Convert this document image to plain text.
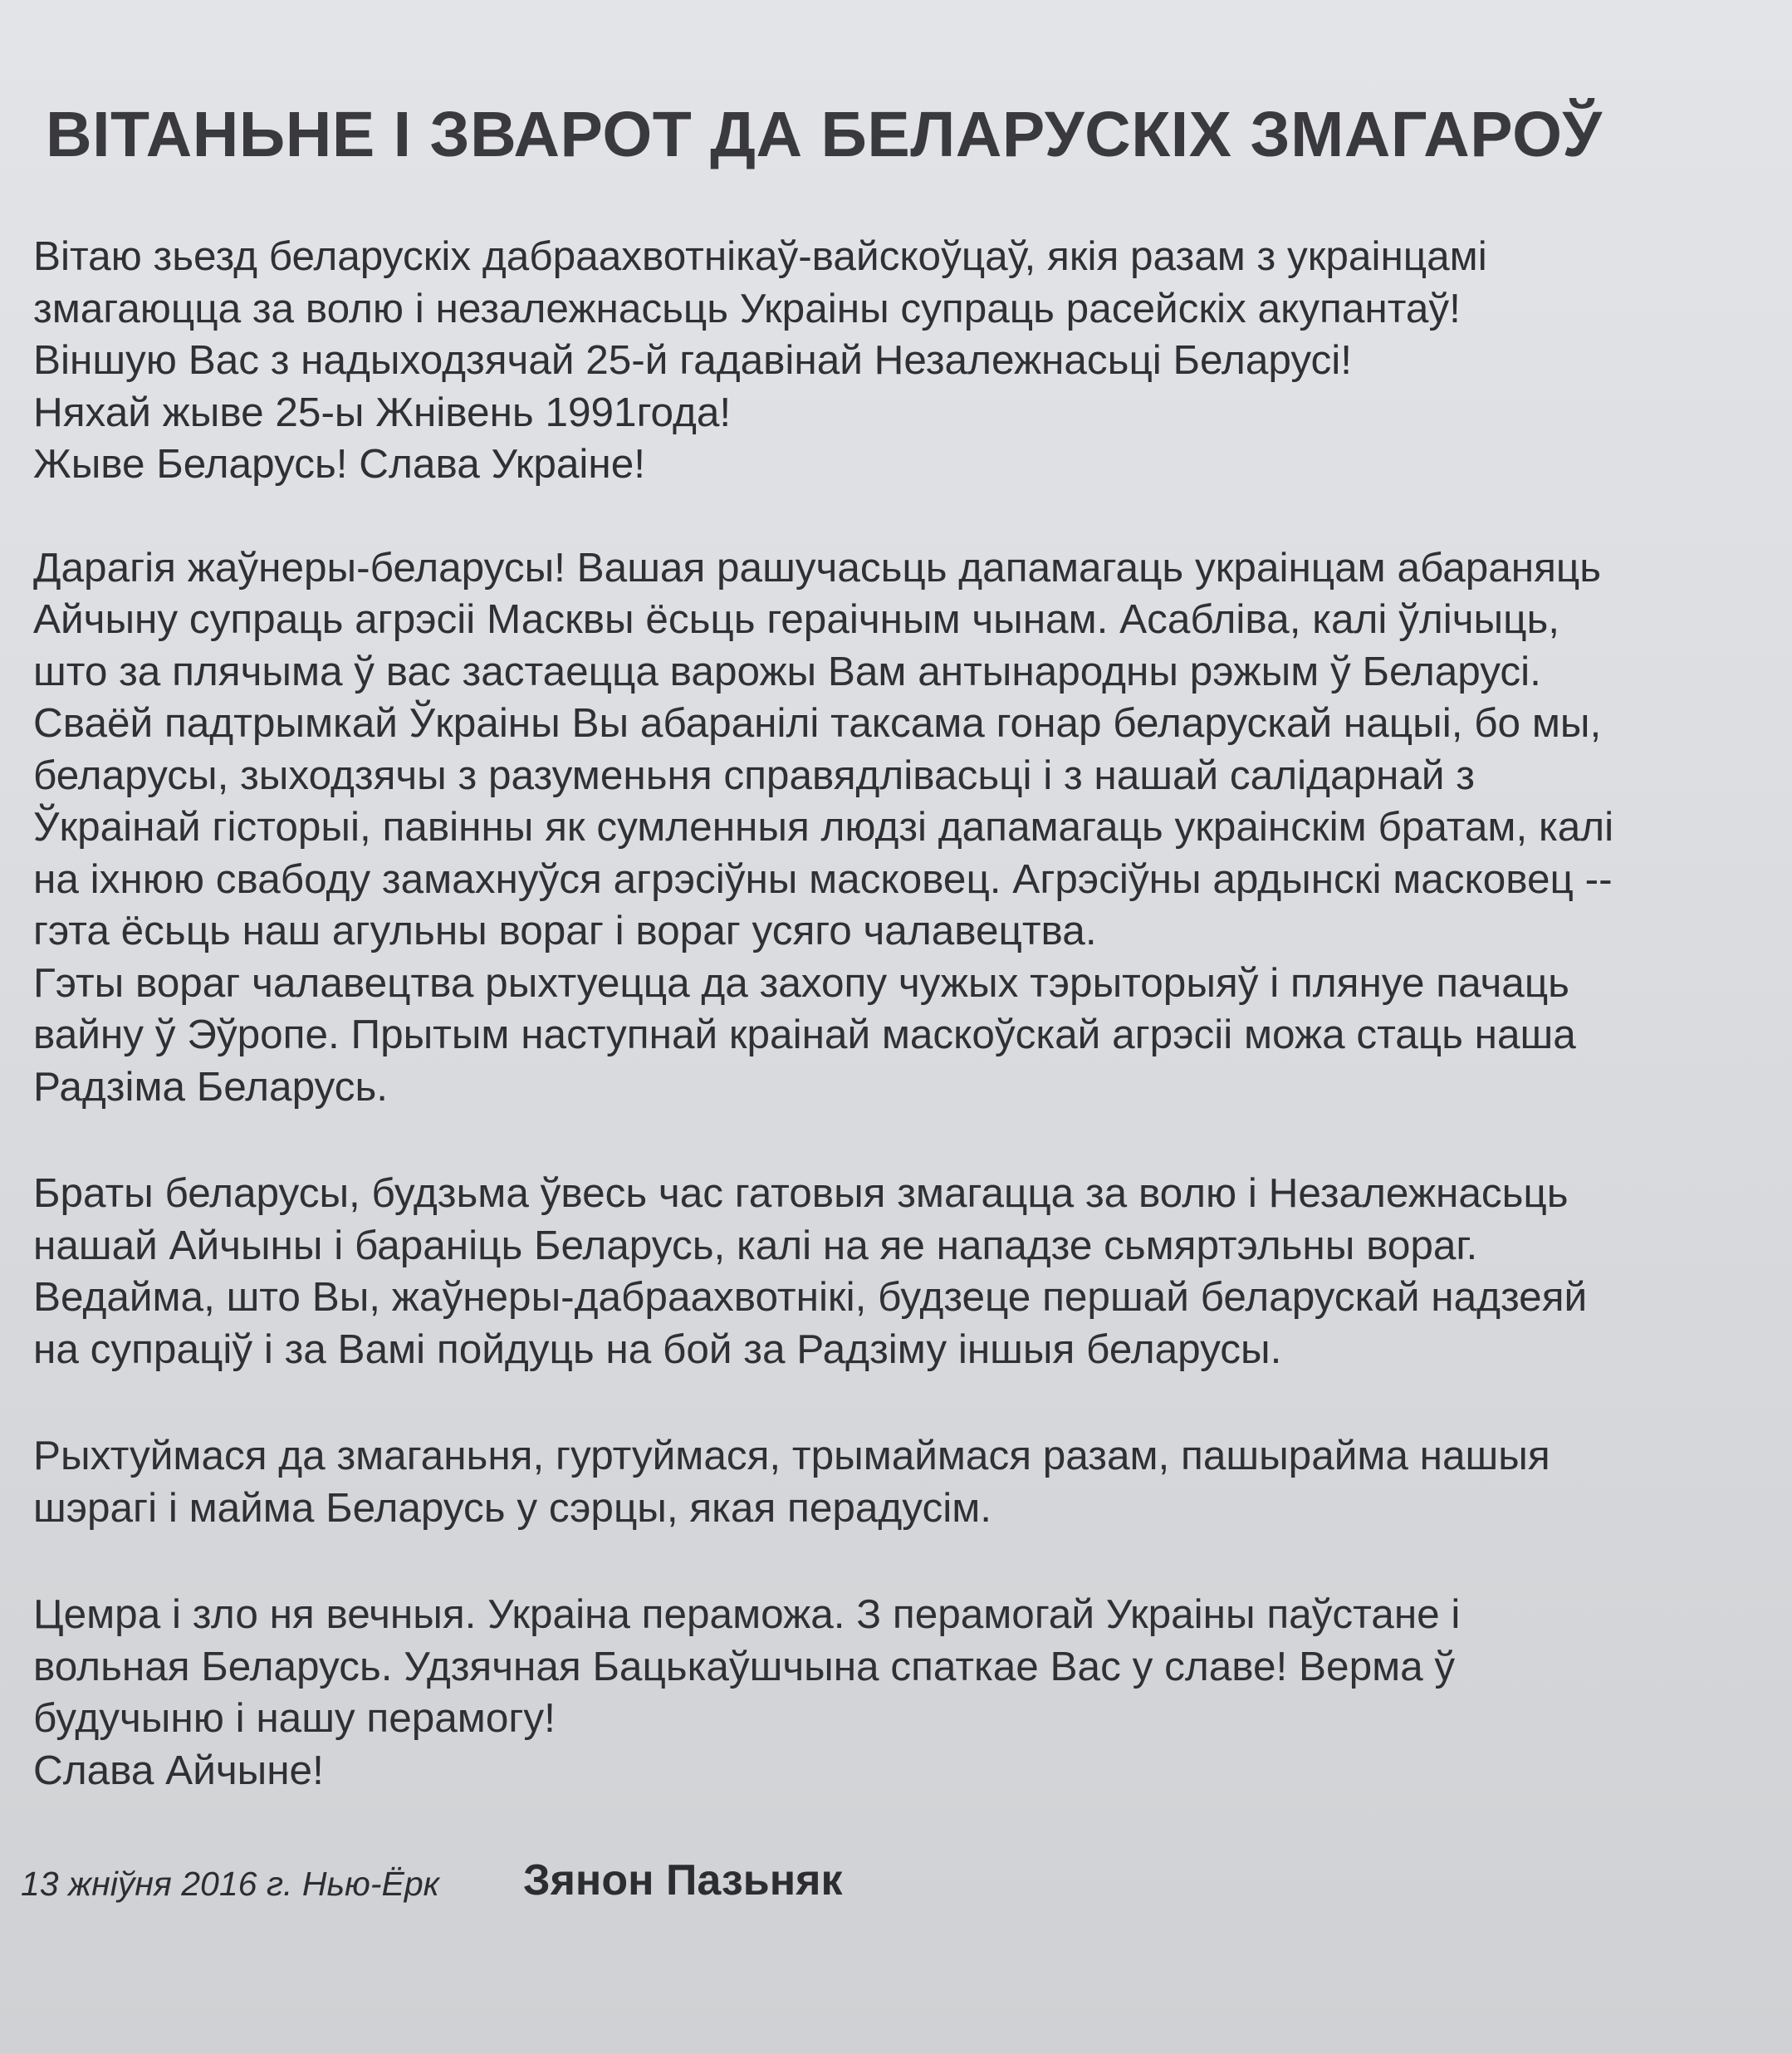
ВІТАНЬНЕ І ЗВАРОТ ДА БЕЛАРУСКІХ ЗМАГАРОЎ

Вітаю зьезд беларускіх дабраахвотнікаў-вайскоўцаў, якія разам з украінцамі
змагаюцца за волю і незалежнасьць Украіны супраць расейскіх акупантаў!
Віншую Вас з надыходзячай 25-й гадавінай Незалежнасьці Беларусі!
Няхай жыве 25-ы Жнівень 1991года!
Жыве Беларусь! Слава Украіне!

Дарагія жаўнеры-беларусы! Вашая рашучасьць дапамагаць украінцам абараняць
Айчыну супраць агрэсіі Масквы ёсьць гераічным чынам. Асабліва, калі ўлічыць,
што за плячыма ў вас застаецца варожы Вам антынародны рэжым ў Беларусі.
Сваёй падтрымкай Ўкраіны Вы абаранілі таксама гонар беларускай нацыі, бо мы,
беларусы, зыходзячы з разуменьня справядлівасьці і з нашай салідарнай з
Ўкраінай гісторыі, павінны як сумленныя людзі дапамагаць украінскім братам, калі
на іхнюю свабоду замахнуўся агрэсіўны масковец. Агрэсіўны ардынскі масковец --
гэта ёсьць наш агульны вораг і вораг усяго чалавецтва.
Гэты вораг чалавецтва рыхтуецца да захопу чужых тэрыторыяў і плянуе пачаць
вайну ў Эўропе. Прытым наступнай краінай маскоўскай агрэсіі можа стаць наша
Радзіма Беларусь.

Браты беларусы, будзьма ўвесь час гатовыя змагацца за волю і Незалежнасьць
нашай Айчыны і бараніць Беларусь, калі на яе нападзе сьмяртэльны вораг.
Ведайма, што Вы, жаўнеры-дабраахвотнікі, будзеце першай беларускай надзеяй
на супрацiў і за Вамі пойдуць на бой за Радзіму іншыя беларусы.

Рыхтуймася да змаганьня, гуртуймася, трымаймася разам, пашырайма нашыя
шэрагі і майма Беларусь у сэрцы, якая перадусім.

Цемра і зло ня вечныя. Украіна пераможа. З перамогай Украіны паўстане і
вольная Беларусь. Удзячная Бацькаўшчына спаткае Вас у славе! Верма ў
будучыню і нашу перамогу!
Слава Айчыне!

13 жніўня 2016 г. Нью-Ёрк Зянон Пазьняк
